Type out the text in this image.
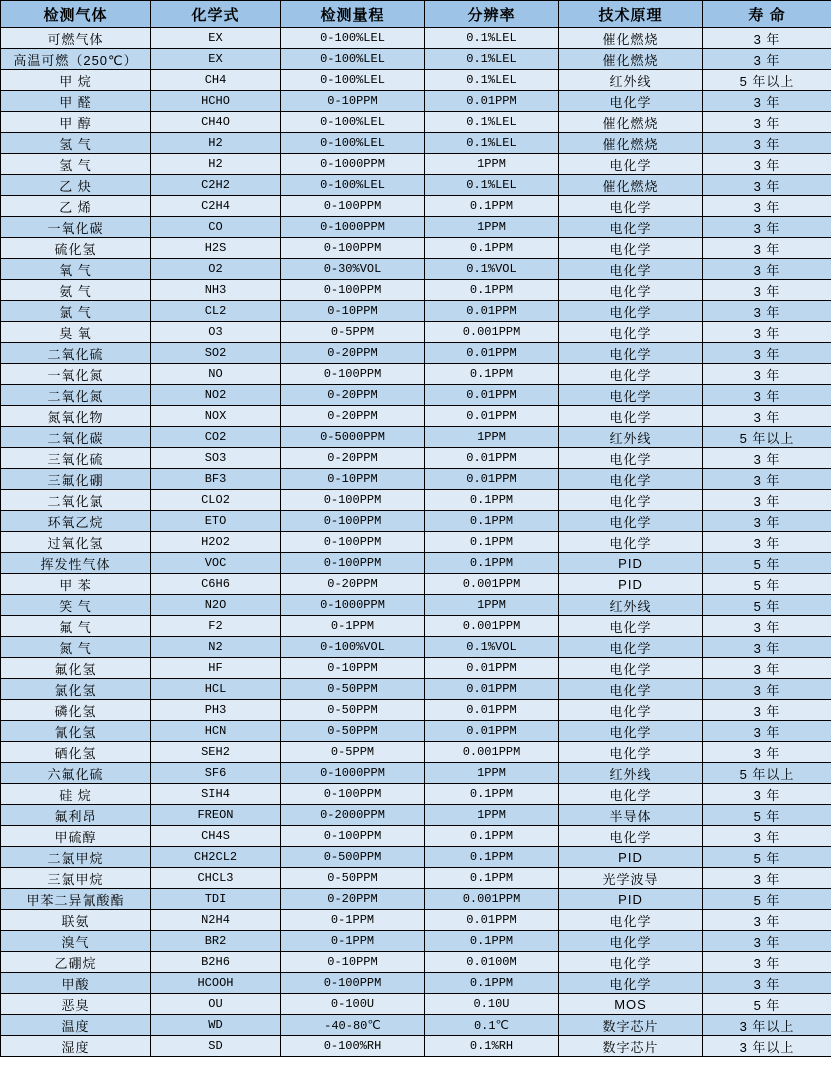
检测气体	化学式	检测量程	分辨率	技术原理	寿 命
可燃气体	EX	0-100%LEL	0.1%LEL	催化燃烧	3 年
高温可燃（250℃）	EX	0-100%LEL	0.1%LEL	催化燃烧	3 年
甲 烷	CH4	0-100%LEL	0.1%LEL	红外线	5 年以上
甲 醛	HCHO	0-10PPM	0.01PPM	电化学	3 年
甲 醇	CH4O	0-100%LEL	0.1%LEL	催化燃烧	3 年
氢 气	H2	0-100%LEL	0.1%LEL	催化燃烧	3 年
氢 气	H2	0-1000PPM	1PPM	电化学	3 年
乙 炔	C2H2	0-100%LEL	0.1%LEL	催化燃烧	3 年
乙 烯	C2H4	0-100PPM	0.1PPM	电化学	3 年
一氧化碳	CO	0-1000PPM	1PPM	电化学	3 年
硫化氢	H2S	0-100PPM	0.1PPM	电化学	3 年
氧 气	O2	0-30%VOL	0.1%VOL	电化学	3 年
氨 气	NH3	0-100PPM	0.1PPM	电化学	3 年
氯 气	CL2	0-10PPM	0.01PPM	电化学	3 年
臭 氧	O3	0-5PPM	0.001PPM	电化学	3 年
二氧化硫	SO2	0-20PPM	0.01PPM	电化学	3 年
一氧化氮	NO	0-100PPM	0.1PPM	电化学	3 年
二氧化氮	NO2	0-20PPM	0.01PPM	电化学	3 年
氮氧化物	NOX	0-20PPM	0.01PPM	电化学	3 年
二氧化碳	CO2	0-5000PPM	1PPM	红外线	5 年以上
三氧化硫	SO3	0-20PPM	0.01PPM	电化学	3 年
三氟化硼	BF3	0-10PPM	0.01PPM	电化学	3 年
二氧化氯	CLO2	0-100PPM	0.1PPM	电化学	3 年
环氧乙烷	ETO	0-100PPM	0.1PPM	电化学	3 年
过氧化氢	H2O2	0-100PPM	0.1PPM	电化学	3 年
挥发性气体	VOC	0-100PPM	0.1PPM	PID	5 年
甲 苯	C6H6	0-20PPM	0.001PPM	PID	5 年
笑 气	N2O	0-1000PPM	1PPM	红外线	5 年
氟 气	F2	0-1PPM	0.001PPM	电化学	3 年
氮 气	N2	0-100%VOL	0.1%VOL	电化学	3 年
氟化氢	HF	0-10PPM	0.01PPM	电化学	3 年
氯化氢	HCL	0-50PPM	0.01PPM	电化学	3 年
磷化氢	PH3	0-50PPM	0.01PPM	电化学	3 年
氰化氢	HCN	0-50PPM	0.01PPM	电化学	3 年
硒化氢	SEH2	0-5PPM	0.001PPM	电化学	3 年
六氟化硫	SF6	0-1000PPM	1PPM	红外线	5 年以上
硅 烷	SIH4	0-100PPM	0.1PPM	电化学	3 年
氟利昂	FREON	0-2000PPM	1PPM	半导体	5 年
甲硫醇	CH4S	0-100PPM	0.1PPM	电化学	3 年
二氯甲烷	CH2CL2	0-500PPM	0.1PPM	PID	5 年
三氯甲烷	CHCL3	0-50PPM	0.1PPM	光学波导	3 年
甲苯二异氰酸酯	TDI	0-20PPM	0.001PPM	PID	5 年
联氨	N2H4	0-1PPM	0.01PPM	电化学	3 年
溴气	BR2	0-1PPM	0.1PPM	电化学	3 年
乙硼烷	B2H6	0-10PPM	0.0100M	电化学	3 年
甲酸	HCOOH	0-100PPM	0.1PPM	电化学	3 年
恶臭	OU	0-100U	0.10U	MOS	5 年
温度	WD	-40-80℃	0.1℃	数字芯片	3 年以上
湿度	SD	0-100%RH	0.1%RH	数字芯片	3 年以上
